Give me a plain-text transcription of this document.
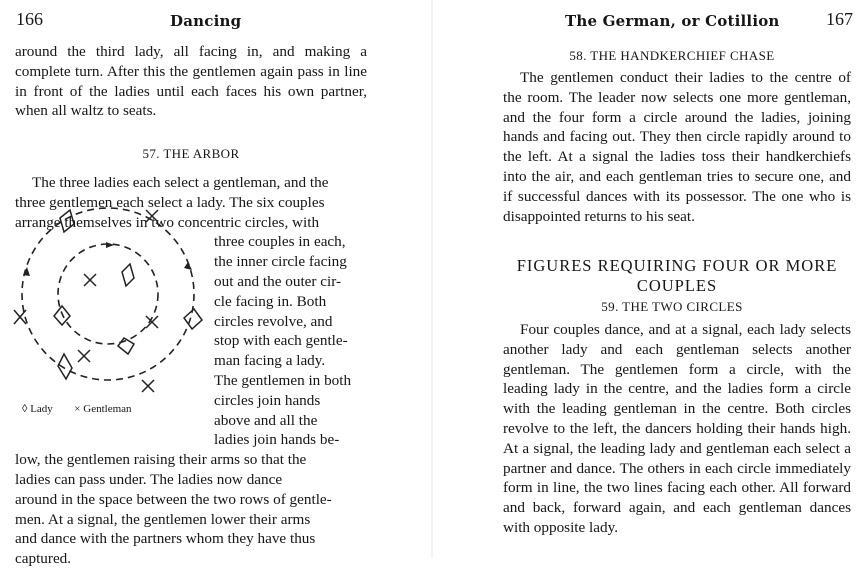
166	Dancing

around the third lady, all facing in, and making a complete turn. After this the gentlemen again pass in line in front of the ladies until each faces his own partner, when all waltz to seats.

57. THE ARBOR
The three ladies each select a gentleman, and the
three gentlemen each select a lady. The six couples
arrange themselves in two concentric circles, with
three couples in each,
the inner circle facing
out and the outer cir-
cle facing in. Both
circles revolve, and
stop with each gentle-
man facing a lady.
The gentlemen in both
circles join hands
above and all the
ladies join hands be-
low, the gentlemen raising their arms so that the
ladies can pass under. The ladies now dance
around in the space between the two rows of gentle-
men. At a signal, the gentlemen lower their arms
and dance with the partners whom they have thus
captured.
◊ Lady × Gentleman
The German, or Cotillion	167
58. THE HANDKERCHIEF CHASE

The gentlemen conduct their ladies to the centre of the room. The leader now selects one more gentleman, and the four form a circle around the ladies, joining hands and facing out. They then circle rapidly around to the left. At a signal the ladies toss their handkerchiefs into the air, and each gentleman tries to secure one, and if successful dances with its possessor. The one who is disappointed returns to his seat.

FIGURES REQUIRING FOUR OR MORE
COUPLES
59. THE TWO CIRCLES

Four couples dance, and at a signal, each lady selects another lady and each gentleman selects another gentleman. The gentlemen form a circle, with the leading lady in the centre, and the ladies form a circle with the leading gentleman in the centre. Both circles revolve to the left, the dancers holding their hands high. At a signal, the leading lady and gentleman each select a partner and dance. The others in each circle immediately form in line, the two lines facing each other. All forward and back, forward again, and each gentleman dances with opposite lady.
